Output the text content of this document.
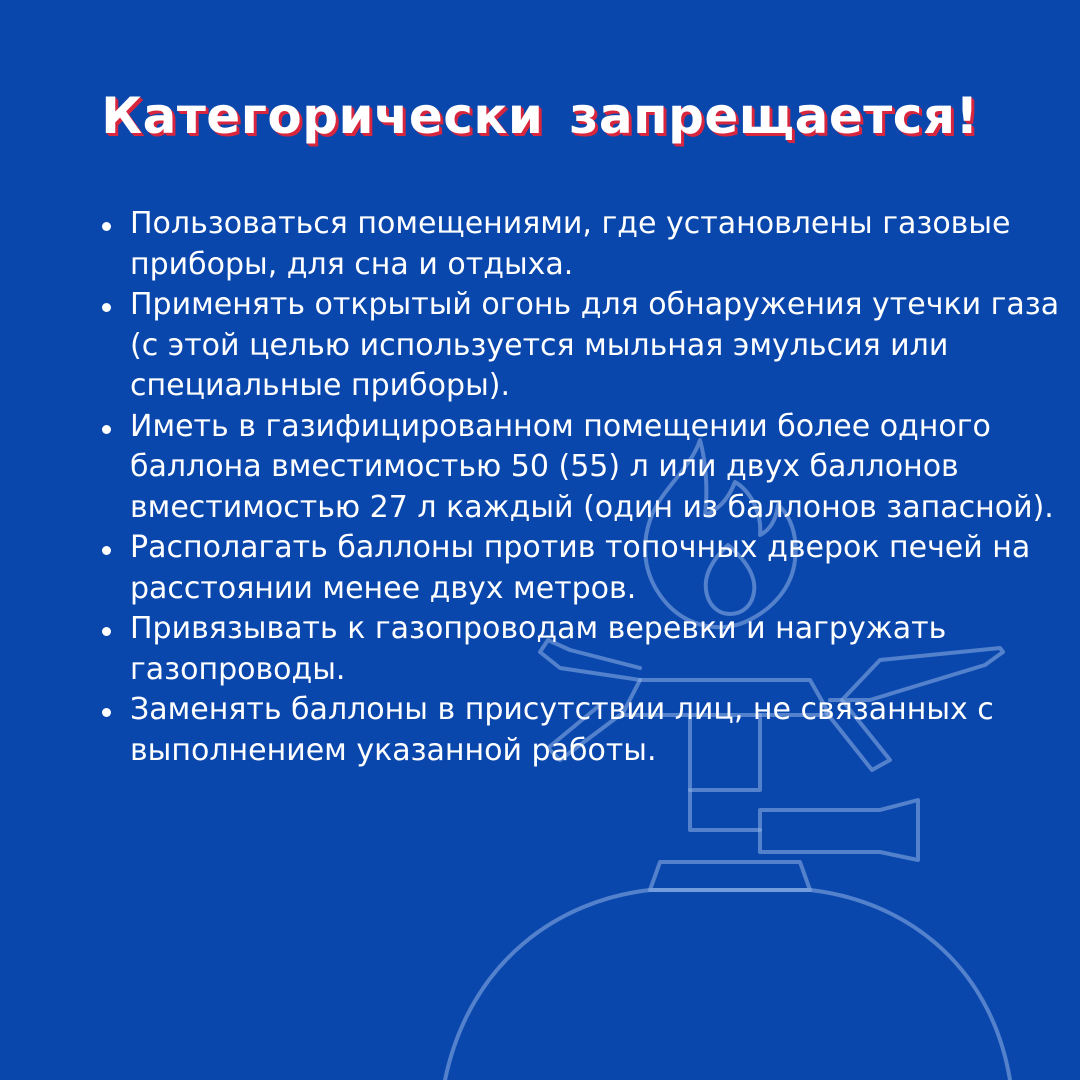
Категорически запрещается!
Пользоваться помещениями, где установлены газовые приборы, для сна и отдыха.
Применять открытый огонь для обнаружения утечки газа (с этой целью используется мыльная эмульсия или специальные приборы).
Иметь в газифицированном помещении более одного баллона вместимостью 50 (55) л или двух баллонов вместимостью 27 л каждый (один из баллонов запасной).
Располагать баллоны против топочных дверок печей на расстоянии менее двух метров.
Привязывать к газопроводам веревки и нагружать газопроводы.
Заменять баллоны в присутствии лиц, не связанных с выполнением указанной работы.
